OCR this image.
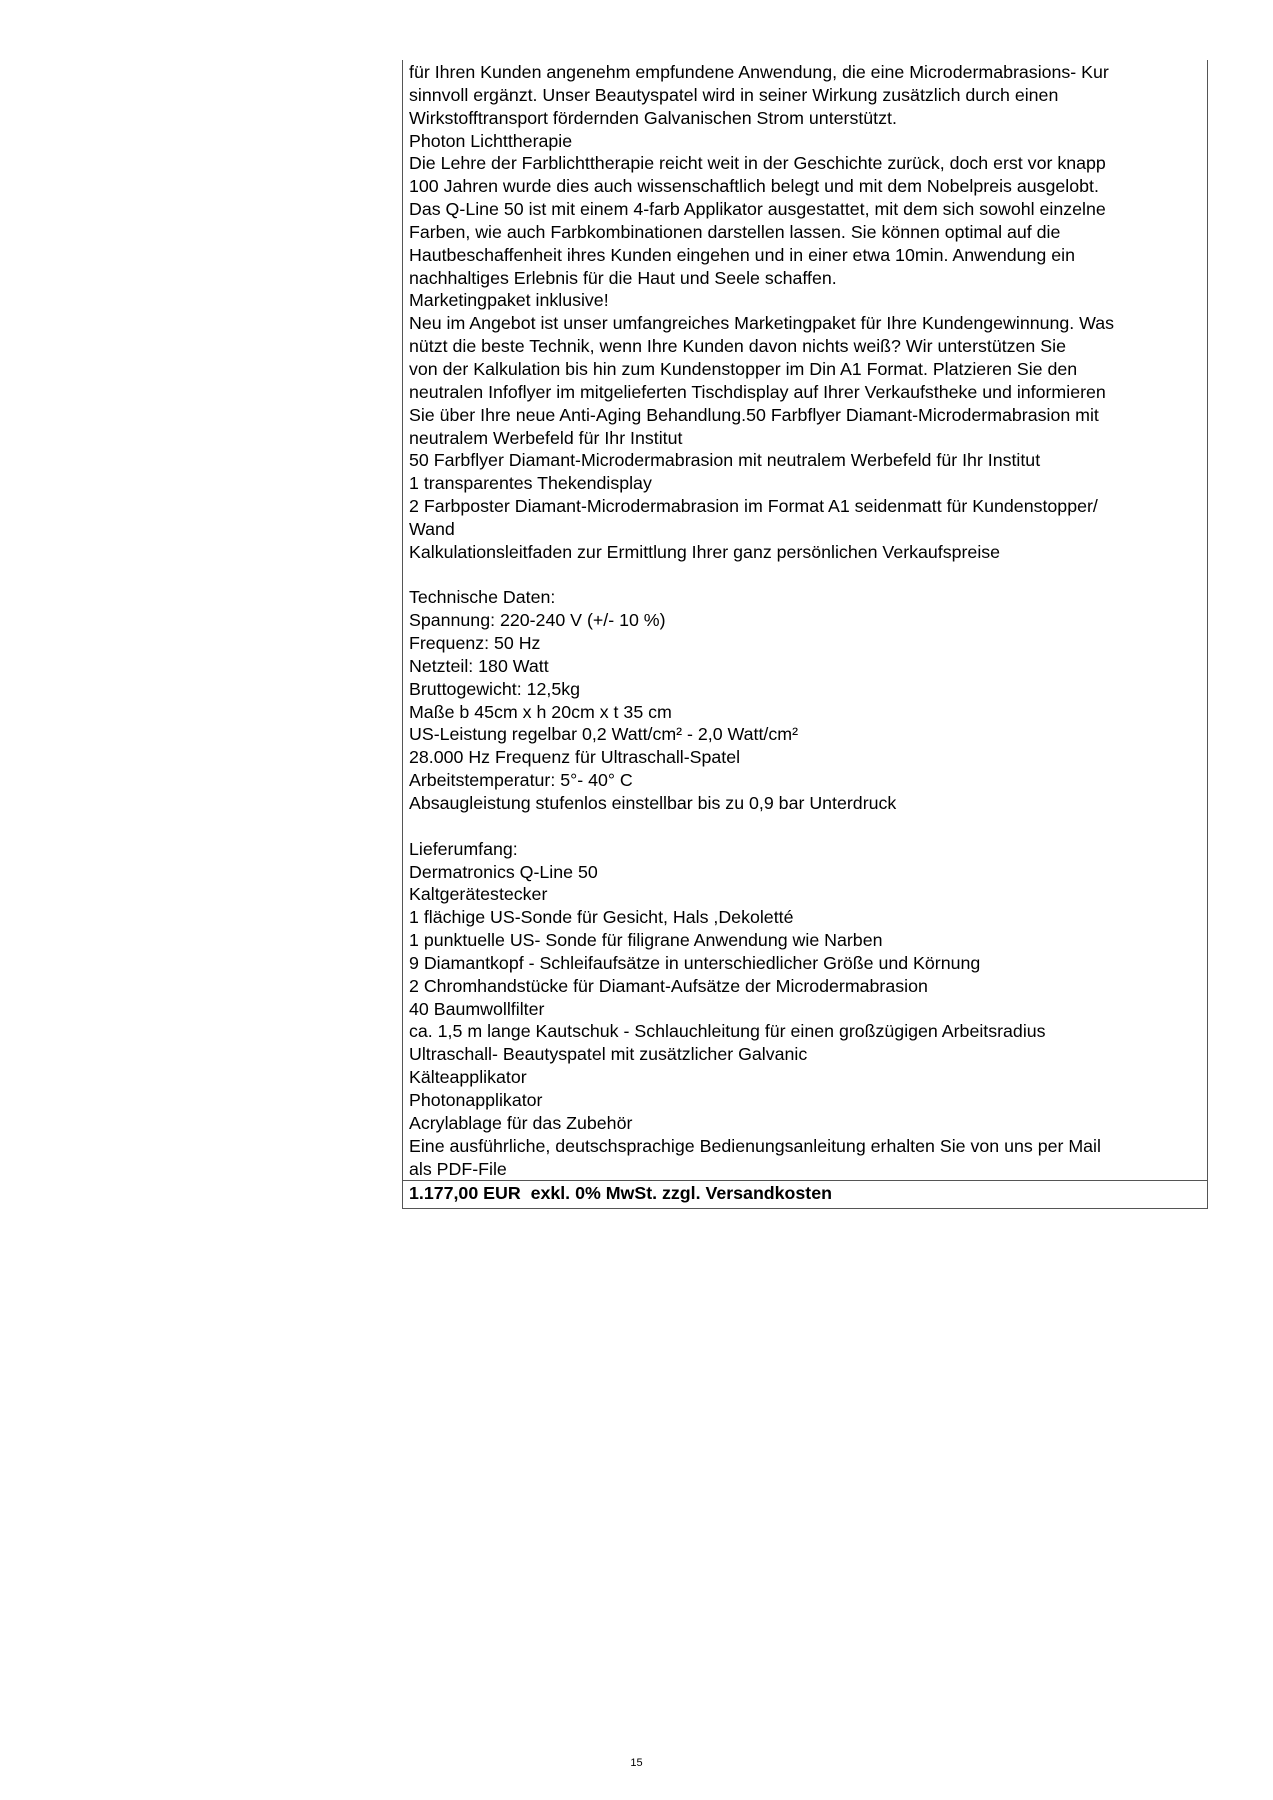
für Ihren Kunden angenehm empfundene Anwendung, die eine Microdermabrasions- Kur
sinnvoll ergänzt. Unser Beautyspatel wird in seiner Wirkung zusätzlich durch einen
Wirkstofftransport fördernden Galvanischen Strom unterstützt.
Photon Lichttherapie
Die Lehre der Farblichttherapie reicht weit in der Geschichte zurück, doch erst vor knapp
100 Jahren wurde dies auch wissenschaftlich belegt und mit dem Nobelpreis ausgelobt.
Das Q-Line 50 ist mit einem 4-farb Applikator ausgestattet, mit dem sich sowohl einzelne
Farben, wie auch Farbkombinationen darstellen lassen. Sie können optimal auf die
Hautbeschaffenheit ihres Kunden eingehen und in einer etwa 10min. Anwendung ein
nachhaltiges Erlebnis für die Haut und Seele schaffen.
Marketingpaket inklusive!
Neu im Angebot ist unser umfangreiches Marketingpaket für Ihre Kundengewinnung. Was
nützt die beste Technik, wenn Ihre Kunden davon nichts weiß? Wir unterstützen Sie
von der Kalkulation bis hin zum Kundenstopper im Din A1 Format. Platzieren Sie den
neutralen Infoflyer im mitgelieferten Tischdisplay auf Ihrer Verkaufstheke und informieren
Sie über Ihre neue Anti-Aging Behandlung.50 Farbflyer Diamant-Microdermabrasion mit
neutralem Werbefeld für Ihr Institut
50 Farbflyer Diamant-Microdermabrasion mit neutralem Werbefeld für Ihr Institut
1 transparentes Thekendisplay
2 Farbposter Diamant-Microdermabrasion im Format A1 seidenmatt für Kundenstopper/
Wand
Kalkulationsleitfaden zur Ermittlung Ihrer ganz persönlichen Verkaufspreise
Technische Daten:
Spannung: 220-240 V (+/- 10 %)
Frequenz: 50 Hz
Netzteil: 180 Watt
Bruttogewicht: 12,5kg
Maße b 45cm x h 20cm x t 35 cm
US-Leistung regelbar 0,2 Watt/cm² - 2,0 Watt/cm²
28.000 Hz Frequenz für Ultraschall-Spatel
Arbeitstemperatur: 5°- 40° C
Absaugleistung stufenlos einstellbar bis zu 0,9 bar Unterdruck
Lieferumfang:
Dermatronics Q-Line 50
Kaltgerätestecker
1 flächige US-Sonde für Gesicht, Hals ,Dekoletté
1 punktuelle US- Sonde für filigrane Anwendung wie Narben
9 Diamantkopf - Schleifaufsätze in unterschiedlicher Größe und Körnung
2 Chromhandstücke für Diamant-Aufsätze der Microdermabrasion
40 Baumwollfilter
ca. 1,5 m lange Kautschuk - Schlauchleitung für einen großzügigen Arbeitsradius
Ultraschall- Beautyspatel mit zusätzlicher Galvanic
Kälteapplikator
Photonapplikator
Acrylablage für das Zubehör
Eine ausführliche, deutschsprachige Bedienungsanleitung erhalten Sie von uns per Mail
als PDF-File
1.177,00 EUR  exkl. 0% MwSt. zzgl. Versandkosten
15
